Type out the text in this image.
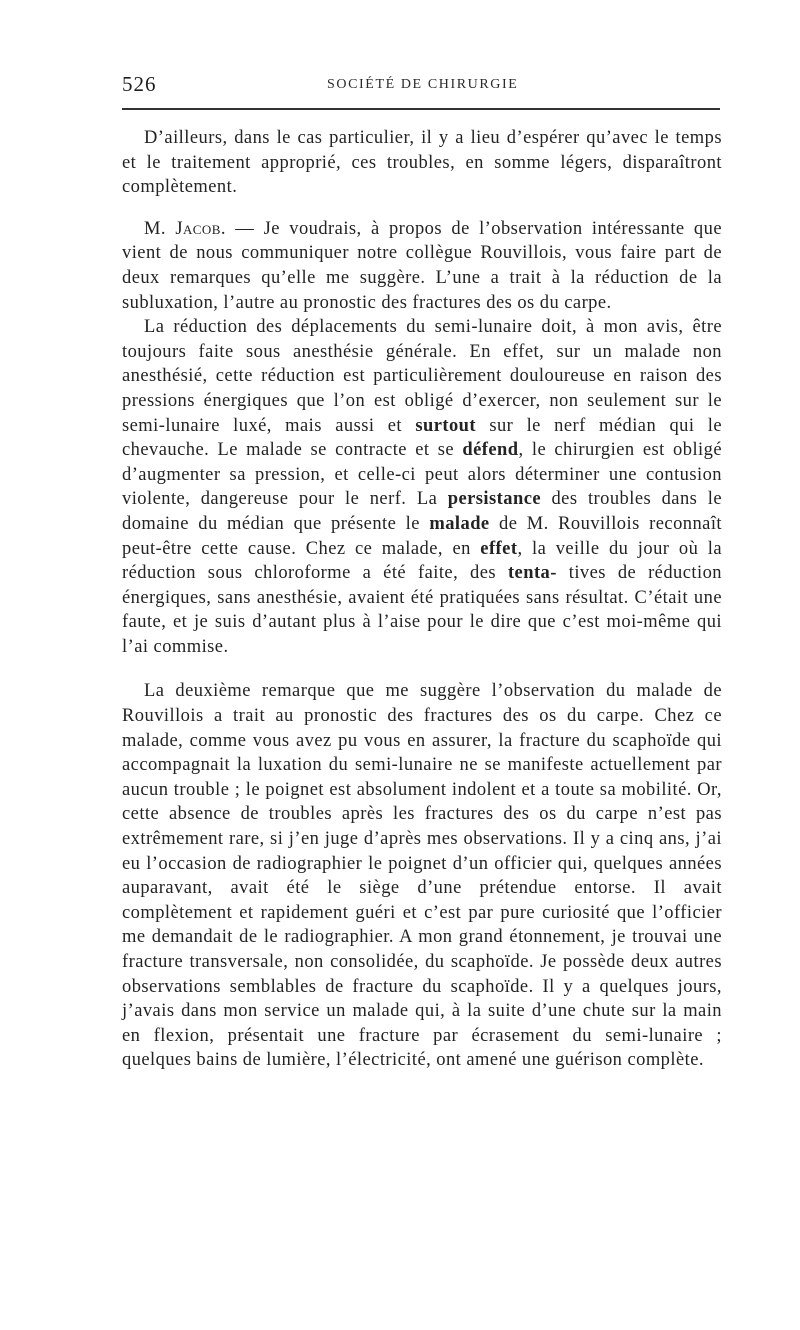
526	SOCIÉTÉ DE CHIRURGIE

D’ailleurs, dans le cas particulier, il y a lieu d’espérer qu’avec le temps et le traitement approprié, ces troubles, en somme légers, disparaîtront complètement.

M. Jacob. — Je voudrais, à propos de l’observation intéressante que vient de nous communiquer notre collègue Rouvillois, vous faire part de deux remarques qu’elle me suggère. L’une a trait à la réduction de la subluxation, l’autre au pronostic des fractures des os du carpe.

La réduction des déplacements du semi-lunaire doit, à mon avis, être toujours faite sous anesthésie générale. En effet, sur un malade non anesthésié, cette réduction est particulièrement douloureuse en raison des pressions énergiques que l’on est obligé d’exercer, non seulement sur le semi-lunaire luxé, mais aussi et surtout sur le nerf médian qui le chevauche. Le malade se contracte et se défend, le chirurgien est obligé d’augmenter sa pression, et celle-ci peut alors déterminer une contusion violente, dangereuse pour le nerf. La persistance des troubles dans le domaine du médian que présente le malade de M. Rouvillois reconnaît peut-être cette cause. Chez ce malade, en effet, la veille du jour où la réduction sous chloroforme a été faite, des tenta- tives de réduction énergiques, sans anesthésie, avaient été pratiquées sans résultat. C’était une faute, et je suis d’autant plus à l’aise pour le dire que c’est moi-même qui l’ai commise.

La deuxième remarque que me suggère l’observation du malade de Rouvillois a trait au pronostic des fractures des os du carpe. Chez ce malade, comme vous avez pu vous en assurer, la fracture du scaphoïde qui accompagnait la luxation du semi-lunaire ne se manifeste actuellement par aucun trouble ; le poignet est absolument indolent et a toute sa mobilité. Or, cette absence de troubles après les fractures des os du carpe n’est pas extrêmement rare, si j’en juge d’après mes observations. Il y a cinq ans, j’ai eu l’occasion de radiographier le poignet d’un officier qui, quelques années auparavant, avait été le siège d’une prétendue entorse. Il avait complètement et rapidement guéri et c’est par pure curiosité que l’officier me demandait de le radiographier. A mon grand étonnement, je trouvai une fracture transversale, non consolidée, du scaphoïde. Je possède deux autres observations semblables de fracture du scaphoïde. Il y a quelques jours, j’avais dans mon service un malade qui, à la suite d’une chute sur la main en flexion, présentait une fracture par écrasement du semi-lunaire ; quelques bains de lumière, l’électricité, ont amené une guérison complète.
